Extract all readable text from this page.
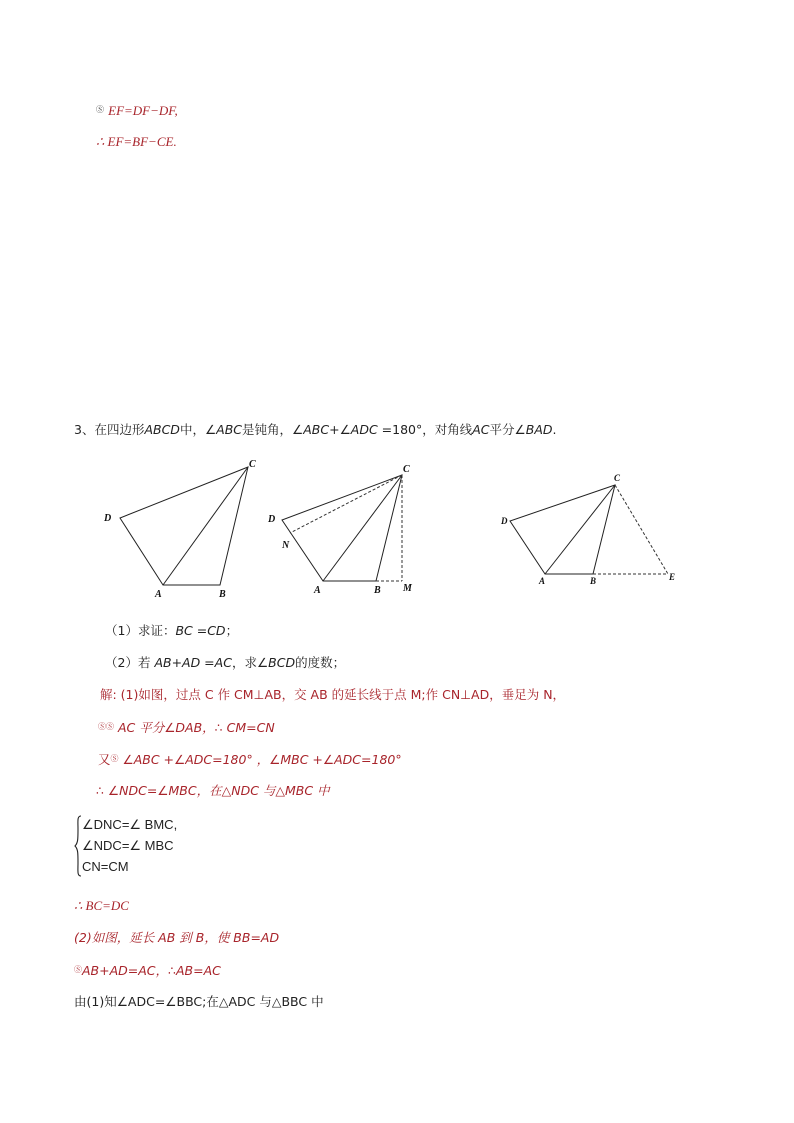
Ⓢ EF=DF−DF,
∴ EF=BF−CE.
3、在四边形ABCD中，∠ABC是钝角，∠ABC+∠ADC =180°，对角线AC平分∠BAD.
C
D
A	B
C
D
N
A	B M
C
D
A	B	E
（1）求证：BC =CD；
（2）若 AB+AD =AC，求∠BCD的度数；
解: (1)如图，过点 C 作 CM⊥AB，交 AB 的延长线于点 M;作 CN⊥AD，垂足为 N，
ⓈⓈ AC 平分∠DAB，∴ CM=CN
又Ⓢ ∠ABC +∠ADC=180° ，∠MBC +∠ADC=180°
∴ ∠NDC=∠MBC，在△NDC 与△MBC 中
∠DNC=∠ BMC,
∠NDC=∠ MBC
CN=CM
∴ BC=DC
(2)如图，延长 AB 到 B，使 BB=AD
ⓈAB+AD=AC，∴AB=AC
由(1)知∠ADC=∠BBC;在△ADC 与△BBC 中
